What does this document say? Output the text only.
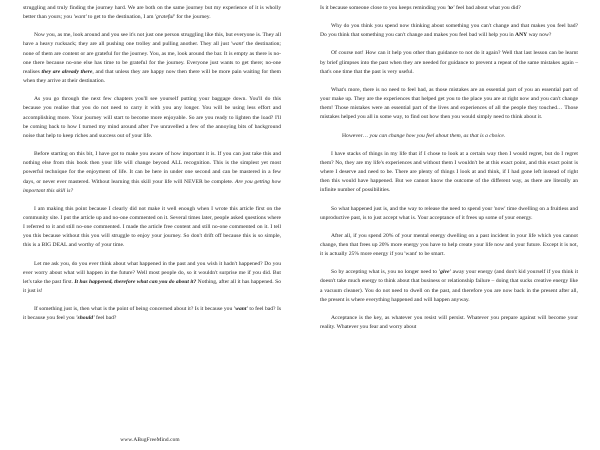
struggling and truly finding the journey hard. We are both on the same journey but my experience of it is wholly better than yours; you 'want' to get to the destination, I am 'grateful' for the journey.

Now you, as me, look around and you see it's not just one person struggling like this, but everyone is. They all have a heavy rucksack; they are all pushing one trolley and pulling another. They all just 'want' the destination; none of them are content or are grateful for the journey. You, as me, look around the bar. It is empty as there is no-one there because no-one else has time to be grateful for the journey. Everyone just wants to get there; no-one realises they are already there, and that unless they are happy now then there will be more pain waiting for them when they arrive at their destination.

As you go through the next few chapters you'll see yourself putting your baggage down. You'll do this because you realise that you do not need to carry it with you any longer. You will be using less effort and accomplishing more. Your journey will start to become more enjoyable. So are you ready to lighten the load? I'll be coming back to how I turned my mind around after I've unravelled a few of the annoying bits of background noise that help to keep riches and success out of your life.

Before starting on this bit, I have got to make you aware of how important it is. If you can just take this and nothing else from this book then your life will change beyond ALL recognition. This is the simplest yet most powerful technique for the enjoyment of life. It can be here in under one second and can be mastered in a few days, or never ever mastered. Without learning this skill your life will NEVER be complete. Are you getting how important this skill is?

I am making this point because I clearly did not make it well enough when I wrote this article first on the community site. I put the article up and no-one commented on it. Several times later, people asked questions where I referred to it and still no-one commented. I made the article free content and still no-one commented on it. I tell you this because without this you will struggle to enjoy your journey. So don't drift off because this is so simple, this is a BIG DEAL and worthy of your time.

Let me ask you, do you ever think about what happened in the past and you wish it hadn't happened? Do you ever worry about what will happen in the future? Well most people do, so it wouldn't surprise me if you did. But let's take the past first. It has happened, therefore what can you do about it? Nothing, after all it has happened. So it just is!

If something just is, then what is the point of being concerned about it? Is it because you 'want' to feel bad? Is it because you feel you 'should' feel bad?

Is it because someone close to you keeps reminding you 'to' feel bad about what you did?

Why do you think you spend now thinking about something you can't change and that makes you feel bad? Do you think that something you can't change and makes you feel bad will help you in ANY way now?

Of course not! How can it help you other than guidance to not do it again? Well that last lesson can be learnt by brief glimpses into the past when they are needed for guidance to prevent a repeat of the same mistakes again – that's one time that the past is very useful.

What's more, there is no need to feel bad, as those mistakes are an essential part of you an essential part of your make up. They are the experiences that helped get you to the place you are at right now and you can't change them! Those mistakes were an essential part of the lives and experiences of all the people they touched… Those mistakes helped you all in some way, to find out how then you would simply need to think about it.

However… you can change how you feel about them, as that is a choice.

I have stacks of things in my life that if I chose to look at a certain way then I would regret, but do I regret them? No, they are my life's experiences and without them I wouldn't be at this exact point, and this exact point is where I deserve and need to be. There are plenty of things I look at and think, if I had gone left instead of right then this would have happened. But we cannot know the outcome of the different way, as there are literally an infinite number of possibilities.

So what happened just is, and the way to release the need to spend your 'now' time dwelling on a fruitless and unproductive past, is to just accept what is. Your acceptance of it frees up some of your energy.

After all, if you spend 20% of your mental energy dwelling on a past incident in your life which you cannot change, then that frees up 20% more energy you have to help create your life now and your future. Except it is not, it is actually 25% more energy if you 'want' to be smart.

So by accepting what is, you no longer need to 'give' away your energy (and don't kid yourself if you think it doesn't take much energy to think about that business or relationship failure – doing that sucks creative energy like a vacuum cleaner). You do not need to dwell on the past, and therefore you are now back in the present after all, the present is where everything happened and will happen anyway.

Acceptance is the key, as whatever you resist will persist. Whatever you prepare against will become your reality. Whatever you fear and worry about

www.ABugFreeMind.com
